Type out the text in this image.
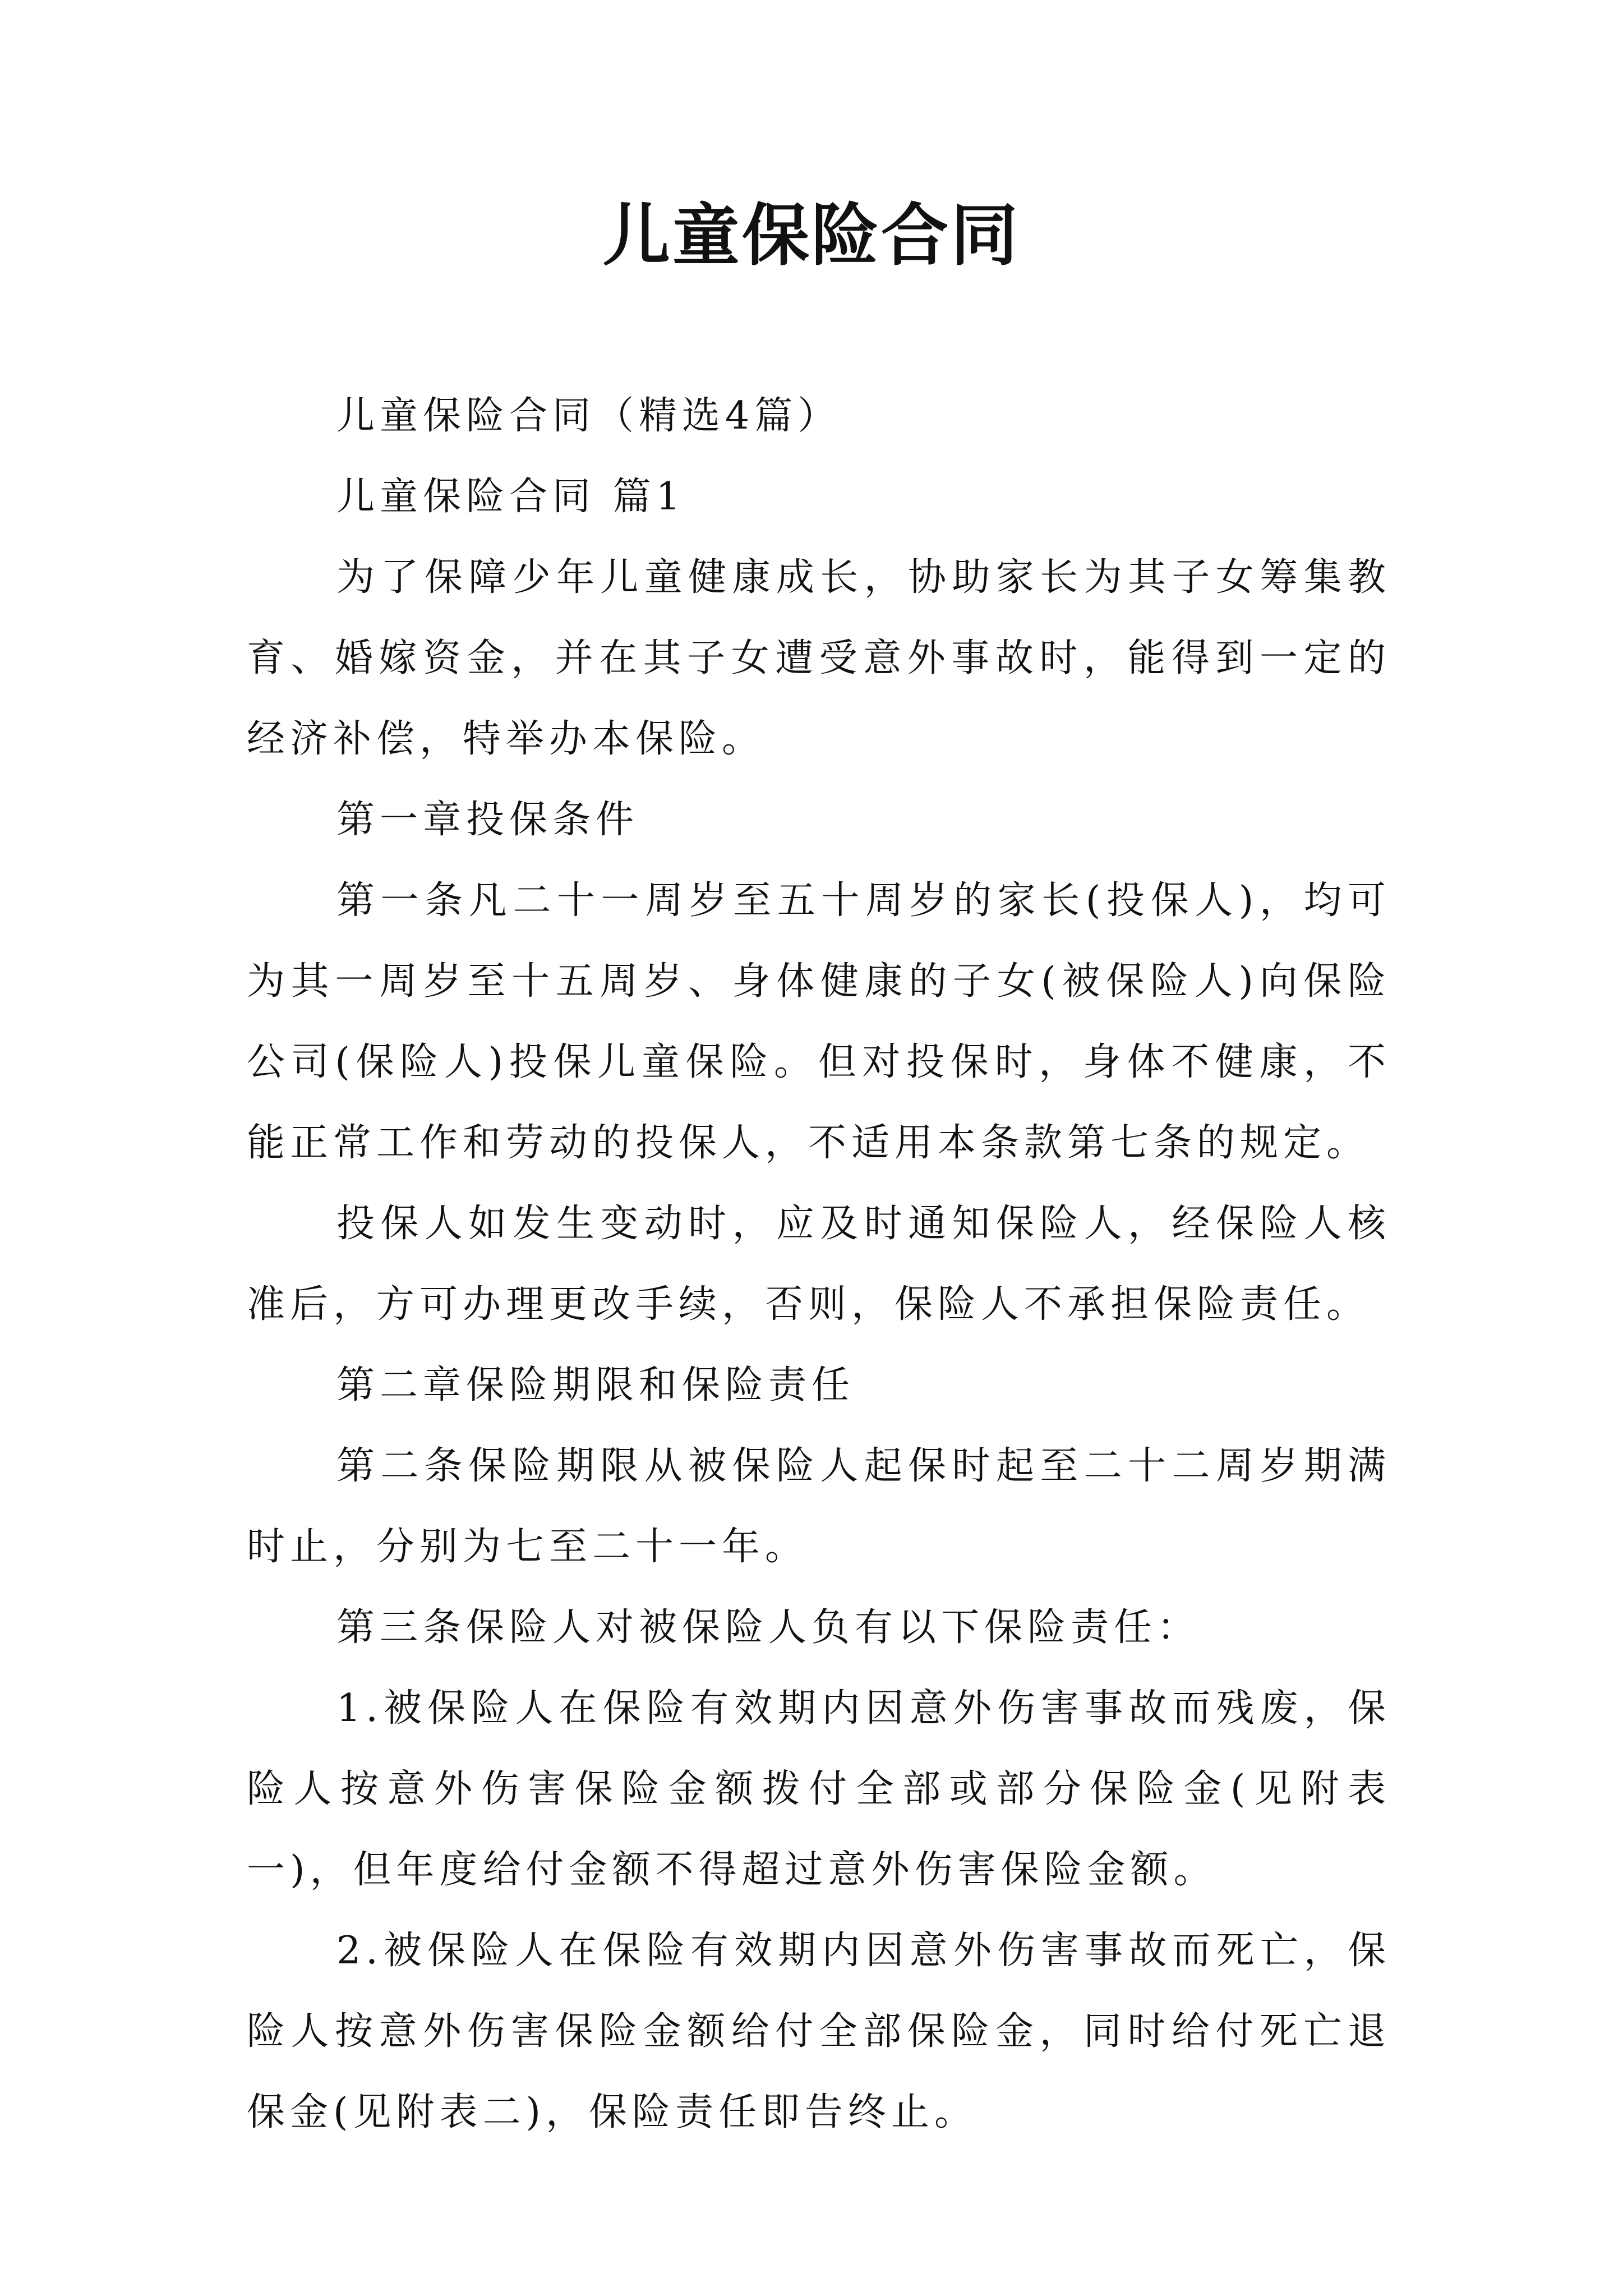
儿童保险合同

儿童保险合同（精选4篇）

儿童保险合同 篇1

为了保障少年儿童健康成长，协助家长为其子女筹集教育、婚嫁资金，并在其子女遭受意外事故时，能得到一定的经济补偿，特举办本保险。

第一章投保条件

第一条凡二十一周岁至五十周岁的家长(投保人)，均可为其一周岁至十五周岁、身体健康的子女(被保险人)向保险公司(保险人)投保儿童保险。但对投保时，身体不健康，不能正常工作和劳动的投保人，不适用本条款第七条的规定。

投保人如发生变动时，应及时通知保险人，经保险人核准后，方可办理更改手续，否则，保险人不承担保险责任。

第二章保险期限和保险责任

第二条保险期限从被保险人起保时起至二十二周岁期满时止，分别为七至二十一年。

第三条保险人对被保险人负有以下保险责任：

1.被保险人在保险有效期内因意外伤害事故而残废，保险人按意外伤害保险金额拨付全部或部分保险金(见附表一)，但年度给付金额不得超过意外伤害保险金额。

2.被保险人在保险有效期内因意外伤害事故而死亡，保险人按意外伤害保险金额给付全部保险金，同时给付死亡退保金(见附表二)，保险责任即告终止。
